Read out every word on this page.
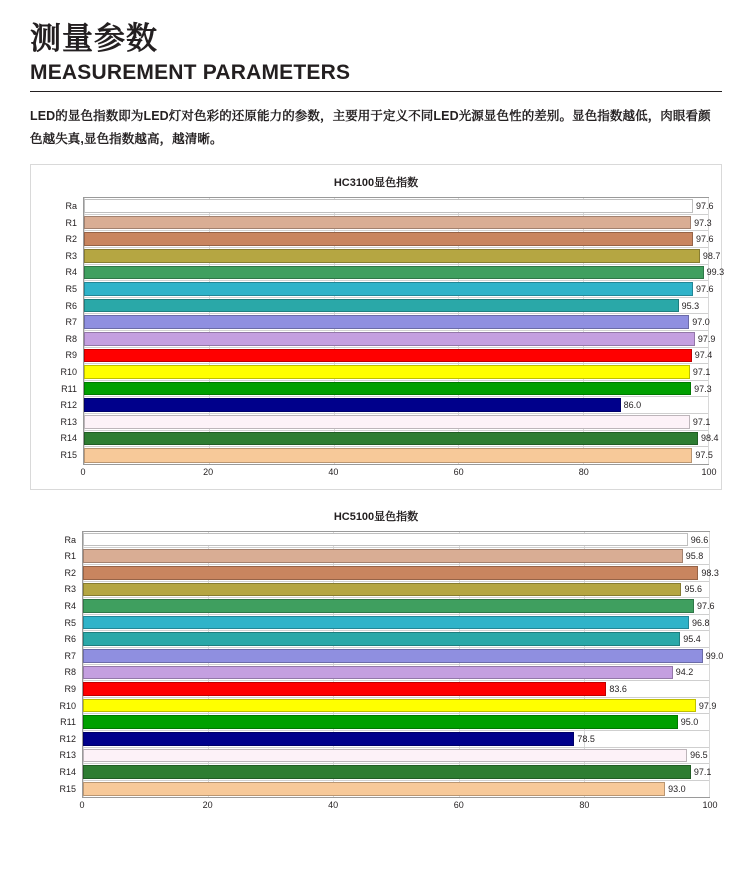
测量参数
MEASUREMENT PARAMETERS

LED的显色指数即为LED灯对色彩的还原能力的参数，主要用于定义不同LED光源显色性的差别。显色指数越低，肉眼看颜色越失真,显色指数越高，越清晰。

HC3100显色指数
Ra	97.6
R1	97.3
R2	97.6
R3	98.7
R4	99.3
R5	97.6
R6	95.3
R7	97.0
R8	97.9
R9	97.4
R10	97.1
R11	97.3
R12	86.0
R13	97.1
R14	98.4
R15	97.5
0	20	40	60	80	100
HC5100显色指数
Ra	96.6
R1	95.8
R2	98.3
R3	95.6
R4	97.6
R5	96.8
R6	95.4
R7	99.0
R8	94.2
R9	83.6
R10	97.9
R11	95.0
R12	78.5
R13	96.5
R14	97.1
R15	93.0
0	20	40	60	80	100
